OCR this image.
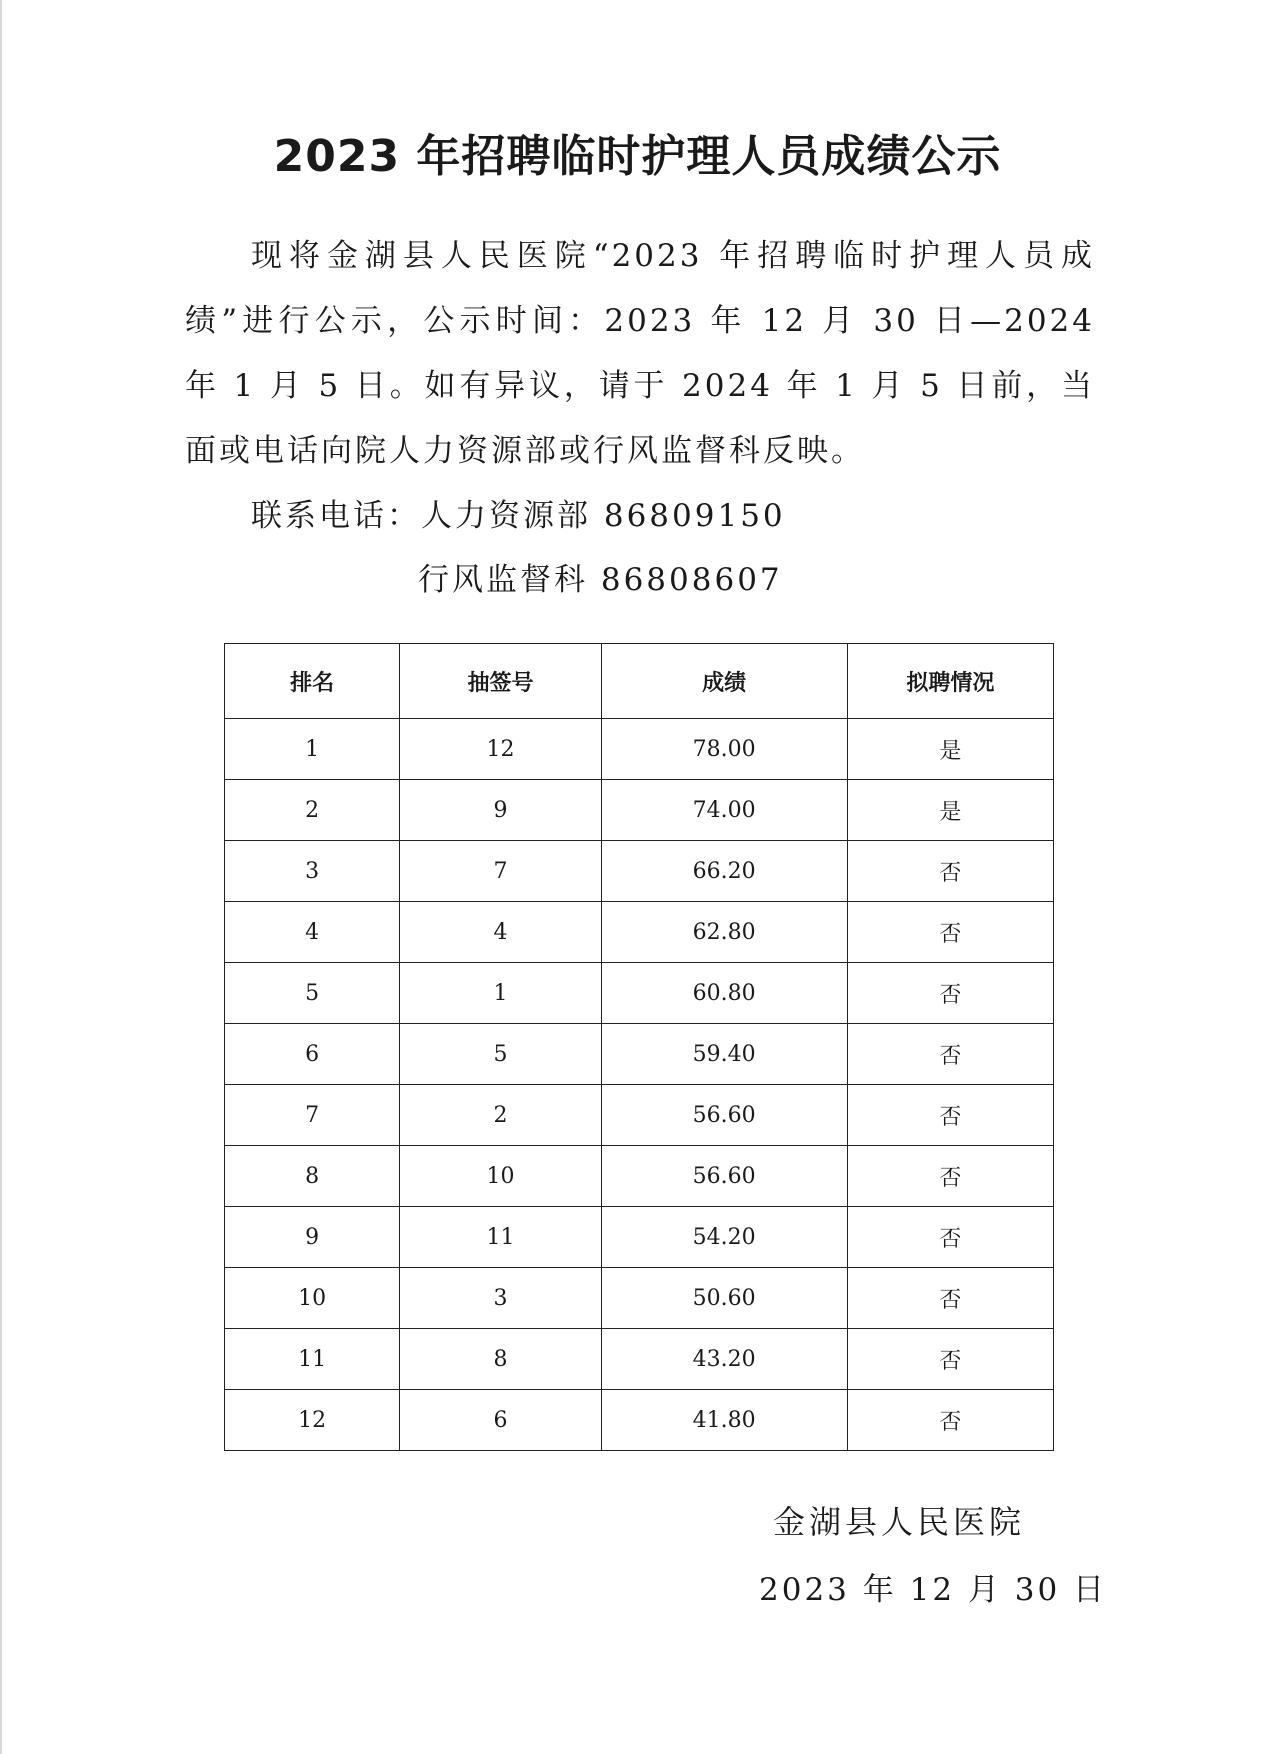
2023 年招聘临时护理人员成绩公示
现将金湖县人民医院“2023 年招聘临时护理人员成绩”进行公示，公示时间：2023 年 12 月 30 日—2024 年 1 月 5 日。如有异议，请于 2024 年 1 月 5 日前，当面或电话向院人力资源部或行风监督科反映。
联系电话：人力资源部 86809150
行风监督科 86808607
排名	抽签号	成绩	拟聘情况
1	12	78.00	是
2	9	74.00	是
3	7	66.20	否
4	4	62.80	否
5	1	60.80	否
6	5	59.40	否
7	2	56.60	否
8	10	56.60	否
9	11	54.20	否
10	3	50.60	否
11	8	43.20	否
12	6	41.80	否
金湖县人民医院
2023 年 12 月 30 日
